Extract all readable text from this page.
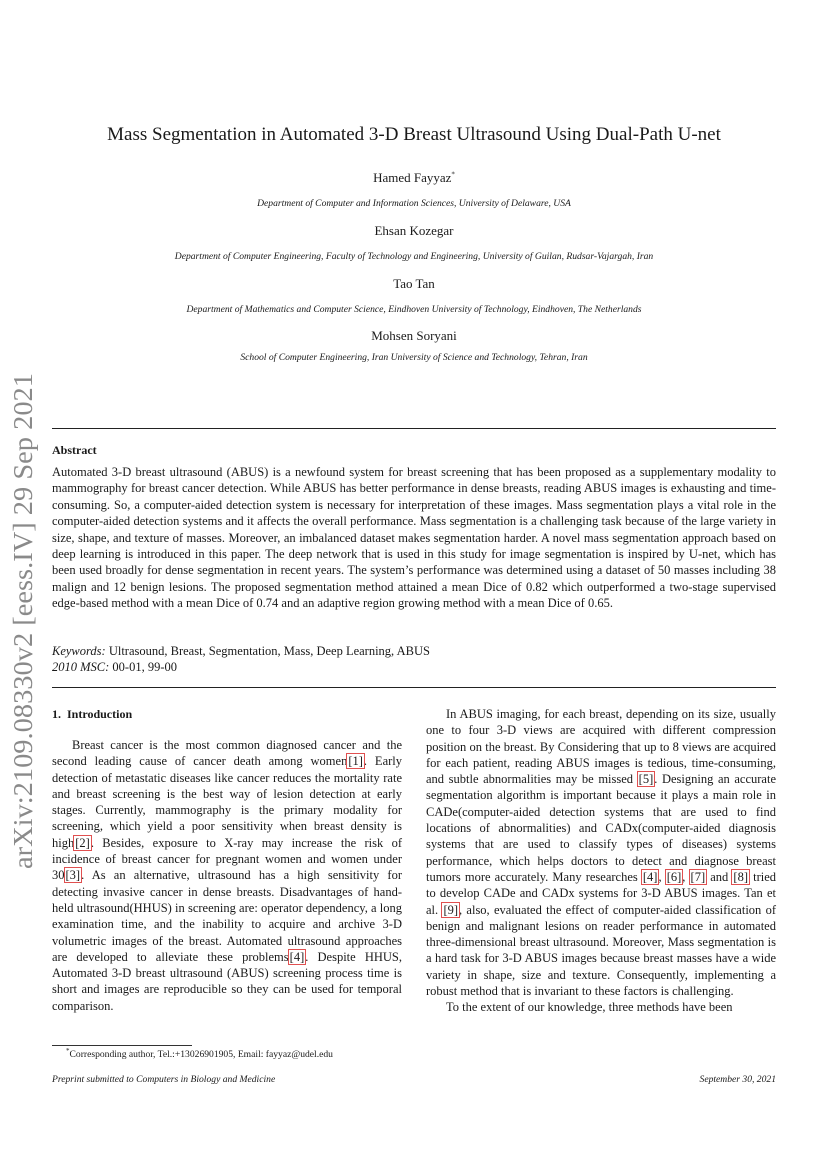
arXiv:2109.08330v2 [eess.IV] 29 Sep 2021
Mass Segmentation in Automated 3-D Breast Ultrasound Using Dual-Path U-net
Hamed Fayyaz*
Department of Computer and Information Sciences, University of Delaware, USA
Ehsan Kozegar
Department of Computer Engineering, Faculty of Technology and Engineering, University of Guilan, Rudsar-Vajargah, Iran
Tao Tan
Department of Mathematics and Computer Science, Eindhoven University of Technology, Eindhoven, The Netherlands
Mohsen Soryani
School of Computer Engineering, Iran University of Science and Technology, Tehran, Iran
Abstract
Automated 3-D breast ultrasound (ABUS) is a newfound system for breast screening that has been proposed as a supplementary modality to mammography for breast cancer detection. While ABUS has better performance in dense breasts, reading ABUS images is exhausting and time-consuming. So, a computer-aided detection system is necessary for interpretation of these images. Mass segmentation plays a vital role in the computer-aided detection systems and it affects the overall performance. Mass segmentation is a challenging task because of the large variety in size, shape, and texture of masses. Moreover, an imbalanced dataset makes segmentation harder. A novel mass segmentation approach based on deep learning is introduced in this paper. The deep network that is used in this study for image segmentation is inspired by U-net, which has been used broadly for dense segmentation in recent years. The system’s performance was determined using a dataset of 50 masses including 38 malign and 12 benign lesions. The proposed segmentation method attained a mean Dice of 0.82 which outperformed a two-stage supervised edge-based method with a mean Dice of 0.74 and an adaptive region growing method with a mean Dice of 0.65.
Keywords: Ultrasound, Breast, Segmentation, Mass, Deep Learning, ABUS
2010 MSC: 00-01, 99-00
1. Introduction

Breast cancer is the most common diagnosed cancer and the second leading cause of cancer death among women[1]. Early detection of metastatic diseases like cancer reduces the mortality rate and breast screening is the best way of lesion detection at early stages. Currently, mammography is the primary modality for screening, which yield a poor sensitivity when breast density is high[2]. Besides, exposure to X-ray may increase the risk of incidence of breast cancer for pregnant women and women under 30[3]. As an alternative, ultrasound has a high sensitivity for detecting invasive cancer in dense breasts. Disadvantages of hand-held ultrasound(HHUS) in screening are: operator dependency, a long examination time, and the inability to acquire and archive 3-D volumetric images of the breast. Automated ultrasound approaches are developed to alleviate these problems[4]. Despite HHUS, Automated 3-D breast ultrasound (ABUS) screening process time is short and images are reproducible so they can be used for temporal comparison.

In ABUS imaging, for each breast, depending on its size, usually one to four 3-D views are acquired with different compression position on the breast. By Considering that up to 8 views are acquired for each patient, reading ABUS images is tedious, time-consuming, and subtle abnormalities may be missed [5]. Designing an accurate segmentation algorithm is important because it plays a main role in CADe(computer-aided detection systems that are used to find locations of abnormalities) and CADx(computer-aided diagnosis systems that are used to classify types of diseases) systems performance, which helps doctors to detect and diagnose breast tumors more accurately. Many researches [4], [6], [7] and [8] tried to develop CADe and CADx systems for 3-D ABUS images. Tan et al. [9], also, evaluated the effect of computer-aided classification of benign and malignant lesions on reader performance in automated three-dimensional breast ultrasound. Moreover, Mass segmentation is a hard task for 3-D ABUS images because breast masses have a wide variety in shape, size and texture. Consequently, implementing a robust method that is invariant to these factors is challenging.

To the extent of our knowledge, three methods have been

*Corresponding author, Tel.:+13026901905, Email: fayyaz@udel.edu
Preprint submitted to Computers in Biology and Medicine	September 30, 2021
